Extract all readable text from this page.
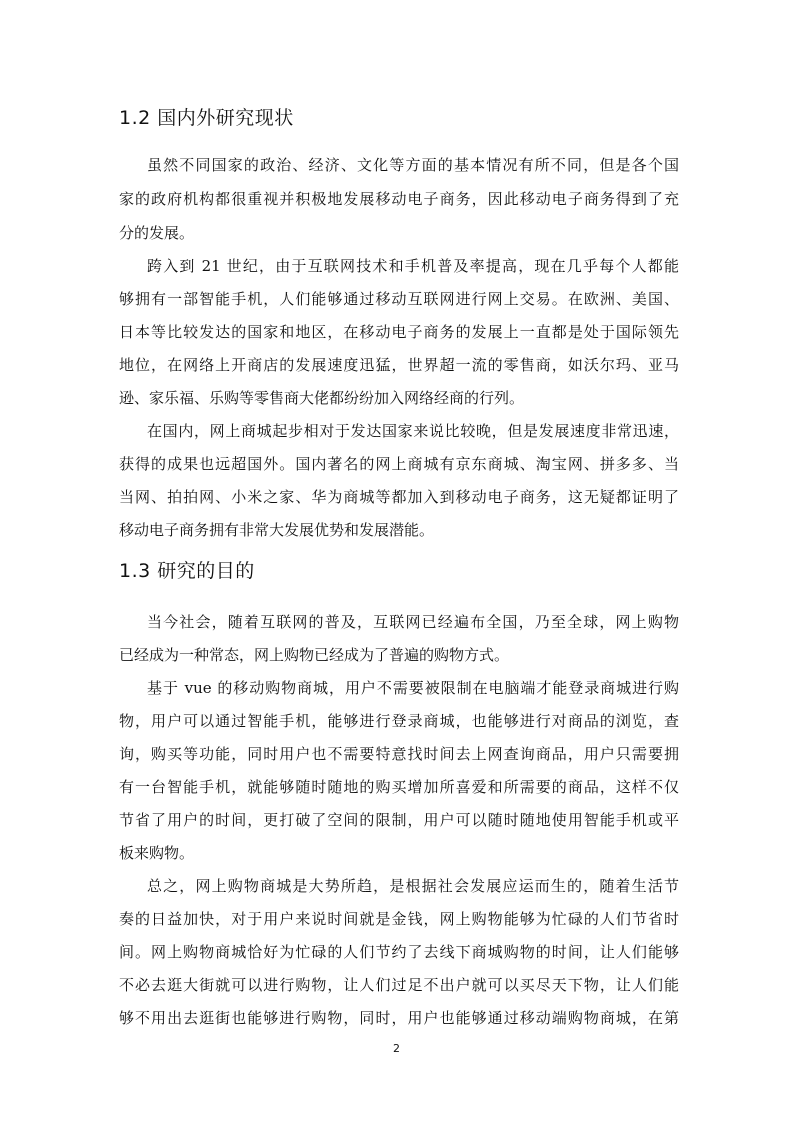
1.2 国内外研究现状
虽然不同国家的政治、经济、文化等方面的基本情况有所不同，但是各个国
家的政府机构都很重视并积极地发展移动电子商务，因此移动电子商务得到了充
分的发展。
跨入到 21 世纪，由于互联网技术和手机普及率提高，现在几乎每个人都能
够拥有一部智能手机，人们能够通过移动互联网进行网上交易。在欧洲、美国、
日本等比较发达的国家和地区，在移动电子商务的发展上一直都是处于国际领先
地位，在网络上开商店的发展速度迅猛，世界超一流的零售商，如沃尔玛、亚马
逊、家乐福、乐购等零售商大佬都纷纷加入网络经商的行列。
在国内，网上商城起步相对于发达国家来说比较晚，但是发展速度非常迅速，
获得的成果也远超国外。国内著名的网上商城有京东商城、淘宝网、拼多多、当
当网、拍拍网、小米之家、华为商城等都加入到移动电子商务，这无疑都证明了
移动电子商务拥有非常大发展优势和发展潜能。
1.3 研究的目的
当今社会，随着互联网的普及，互联网已经遍布全国，乃至全球，网上购物
已经成为一种常态，网上购物已经成为了普遍的购物方式。
基于 vue 的移动购物商城，用户不需要被限制在电脑端才能登录商城进行购
物，用户可以通过智能手机，能够进行登录商城，也能够进行对商品的浏览，查
询，购买等功能，同时用户也不需要特意找时间去上网查询商品，用户只需要拥
有一台智能手机，就能够随时随地的购买增加所喜爱和所需要的商品，这样不仅
节省了用户的时间，更打破了空间的限制，用户可以随时随地使用智能手机或平
板来购物。
总之，网上购物商城是大势所趋，是根据社会发展应运而生的，随着生活节
奏的日益加快，对于用户来说时间就是金钱，网上购物能够为忙碌的人们节省时
间。网上购物商城恰好为忙碌的人们节约了去线下商城购物的时间，让人们能够
不必去逛大街就可以进行购物，让人们过足不出户就可以买尽天下物，让人们能
够不用出去逛街也能够进行购物，同时，用户也能够通过移动端购物商城，在第
2
